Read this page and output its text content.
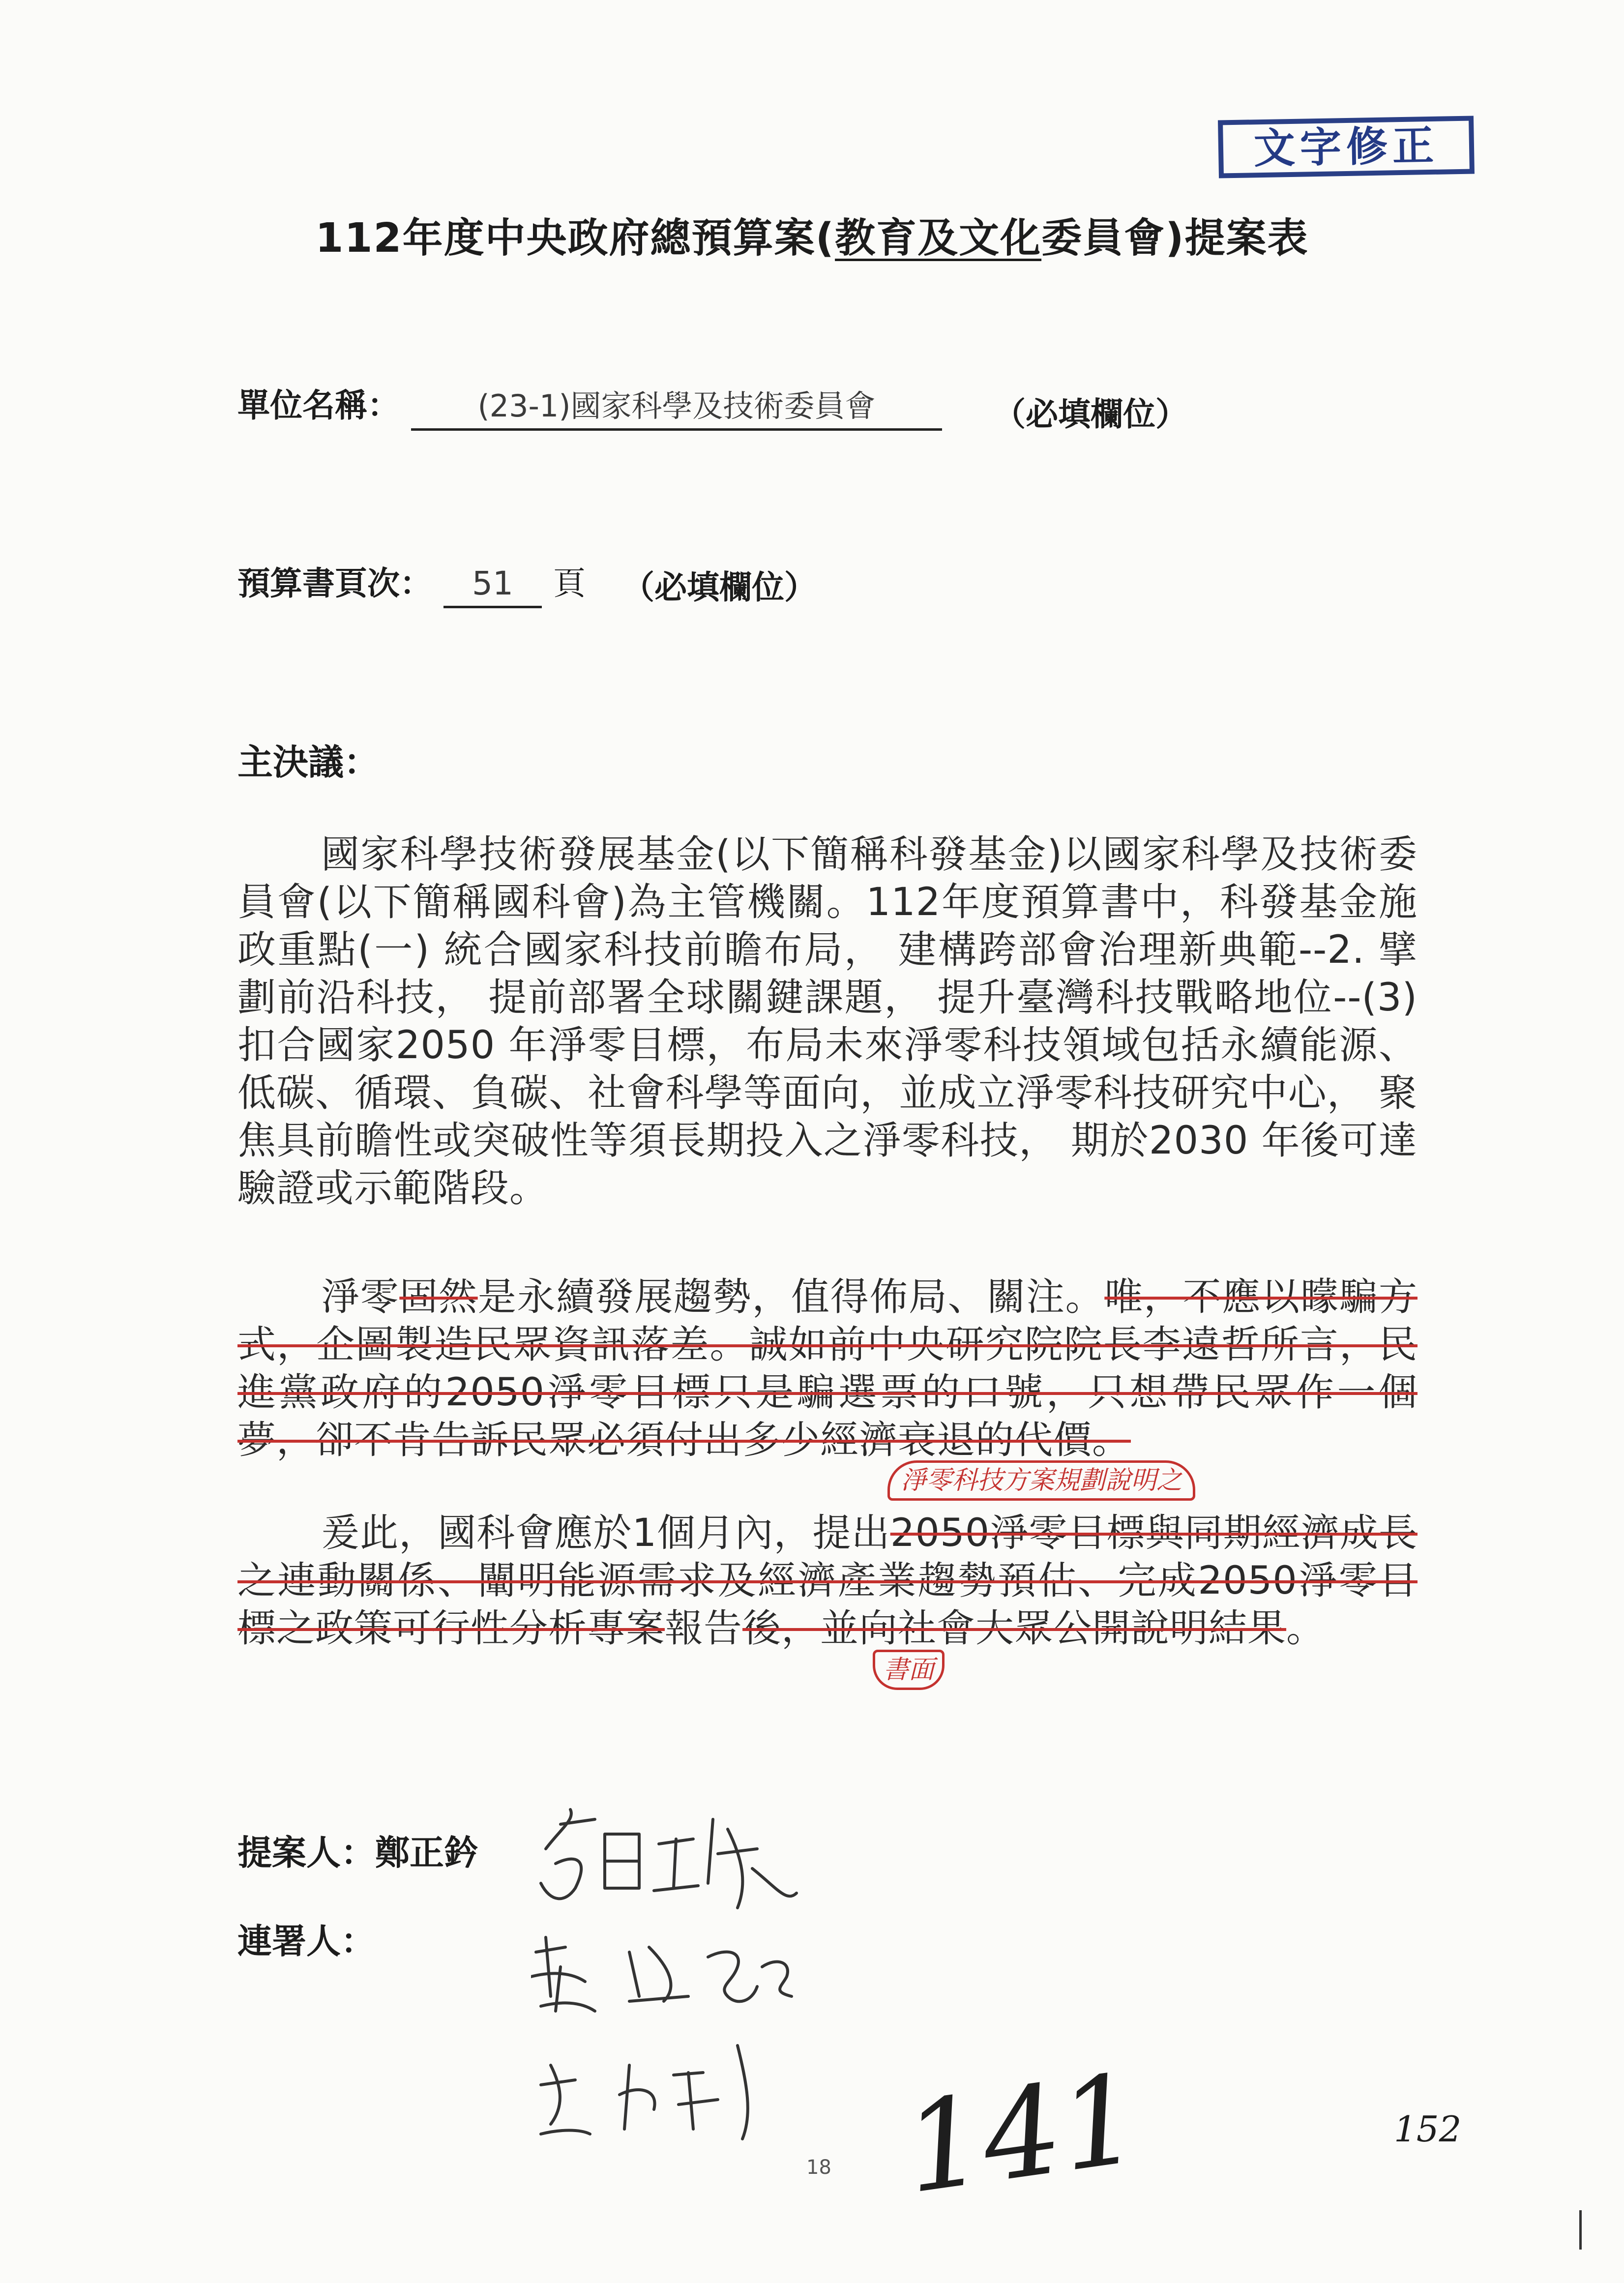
文字修正
112年度中央政府總預算案(教育及文化委員會)提案表
單位名稱：	(23-1)國家科學及技術委員會	（必填欄位）
預算書頁次： 51 頁 （必填欄位）
主決議：
國家科學技術發展基金(以下簡稱科發基金)以國家科學及技術委員會(以下簡稱國科會)為主管機關。112年度預算書中，科發基金施政重點(一) 統合國家科技前瞻布局， 建構跨部會治理新典範--2. 擘劃前沿科技， 提前部署全球關鍵課題， 提升臺灣科技戰略地位--(3) 扣合國家2050 年淨零目標，布局未來淨零科技領域包括永續能源、低碳、循環、負碳、社會科學等面向，並成立淨零科技研究中心， 聚焦具前瞻性或突破性等須長期投入之淨零科技， 期於2030 年後可達驗證或示範階段。
淨零固然是永續發展趨勢，值得佈局、關注。唯，不應以矇騙方式，企圖製造民眾資訊落差。誠如前中央研究院院長李遠哲所言，民進黨政府的2050淨零目標只是騙選票的口號，只想帶民眾作一個夢，卻不肯告訴民眾必須付出多少經濟衰退的代價。
淨零科技方案規劃說明之
爰此，國科會應於1個月內，提出2050淨零目標與同期經濟成長之連動關係、闡明能源需求及經濟產業趨勢預估、完成2050淨零目標之政策可行性分析專案報告後，並向社會大眾公開說明結果。
書面
提案人：鄭正鈐
連署人：
18 141	152
